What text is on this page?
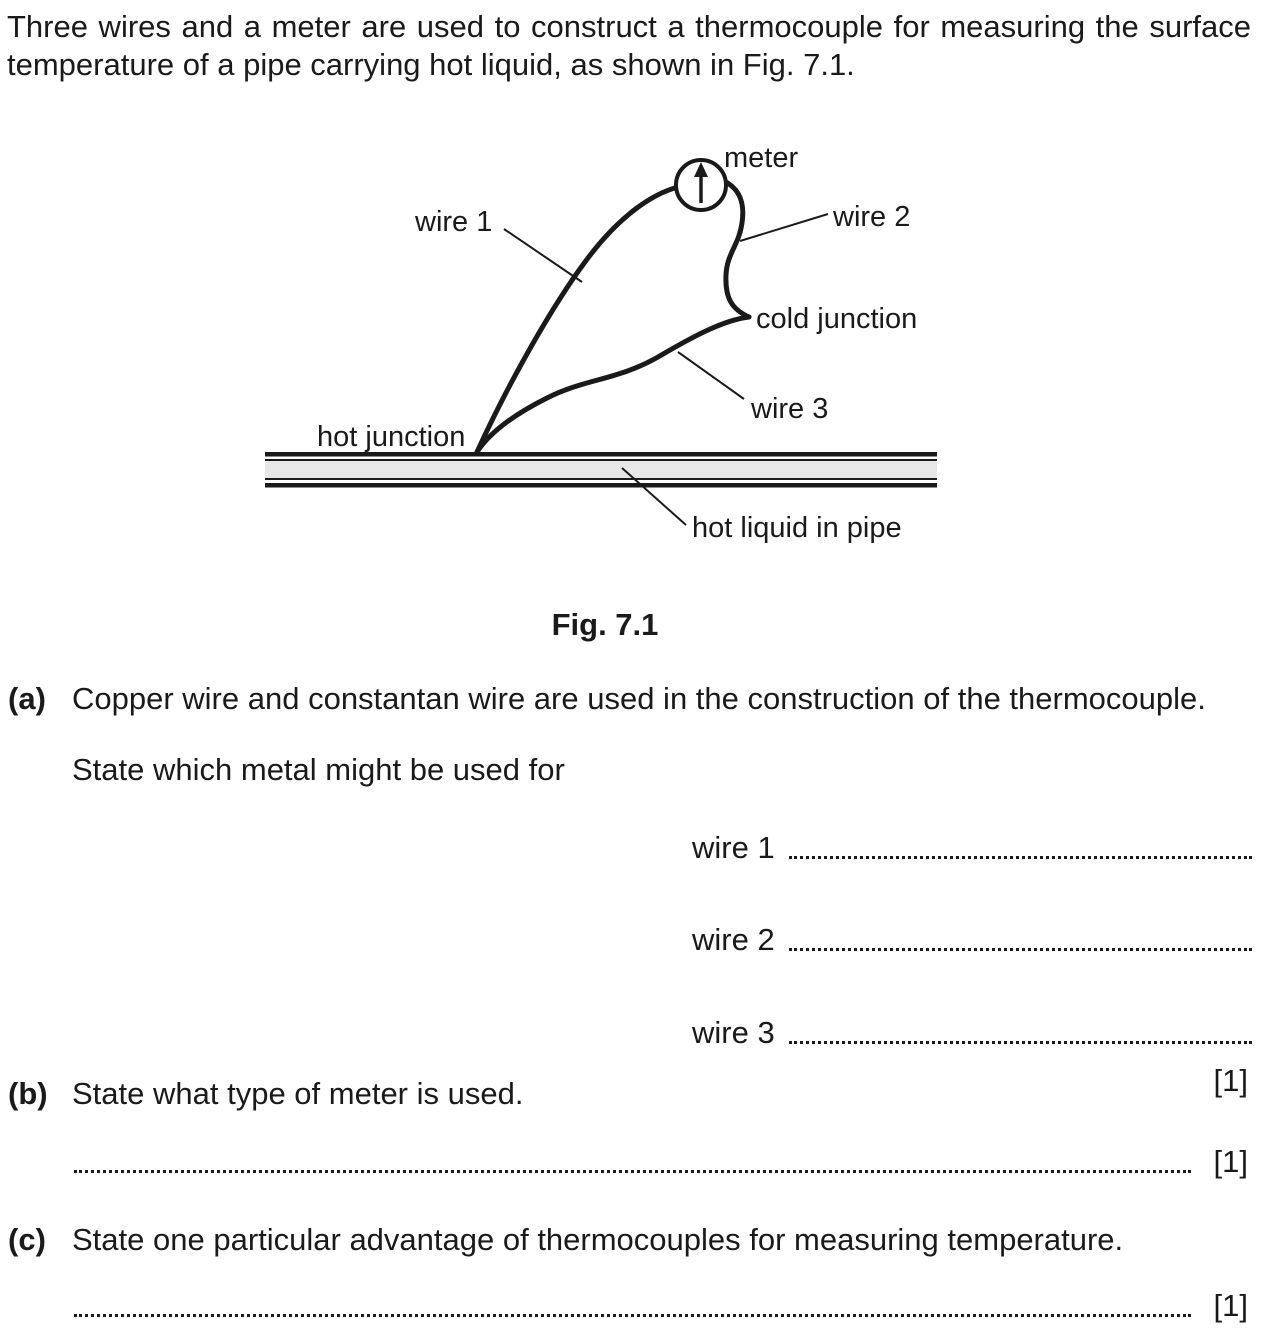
Three wires and a meter are used to construct a thermocouple for measuring the surface
temperature of a pipe carrying hot liquid, as shown in Fig. 7.1.
meter
wire 1	wire 2
cold junction
wire 3
hot junction
hot liquid in pipe
Fig. 7.1
(a) Copper wire and constantan wire are used in the construction of the thermocouple.
State which metal might be used for
wire 1
wire 2
wire 3
[1]
(b) State what type of meter is used.
[1]
(c) State one particular advantage of thermocouples for measuring temperature.
[1]
